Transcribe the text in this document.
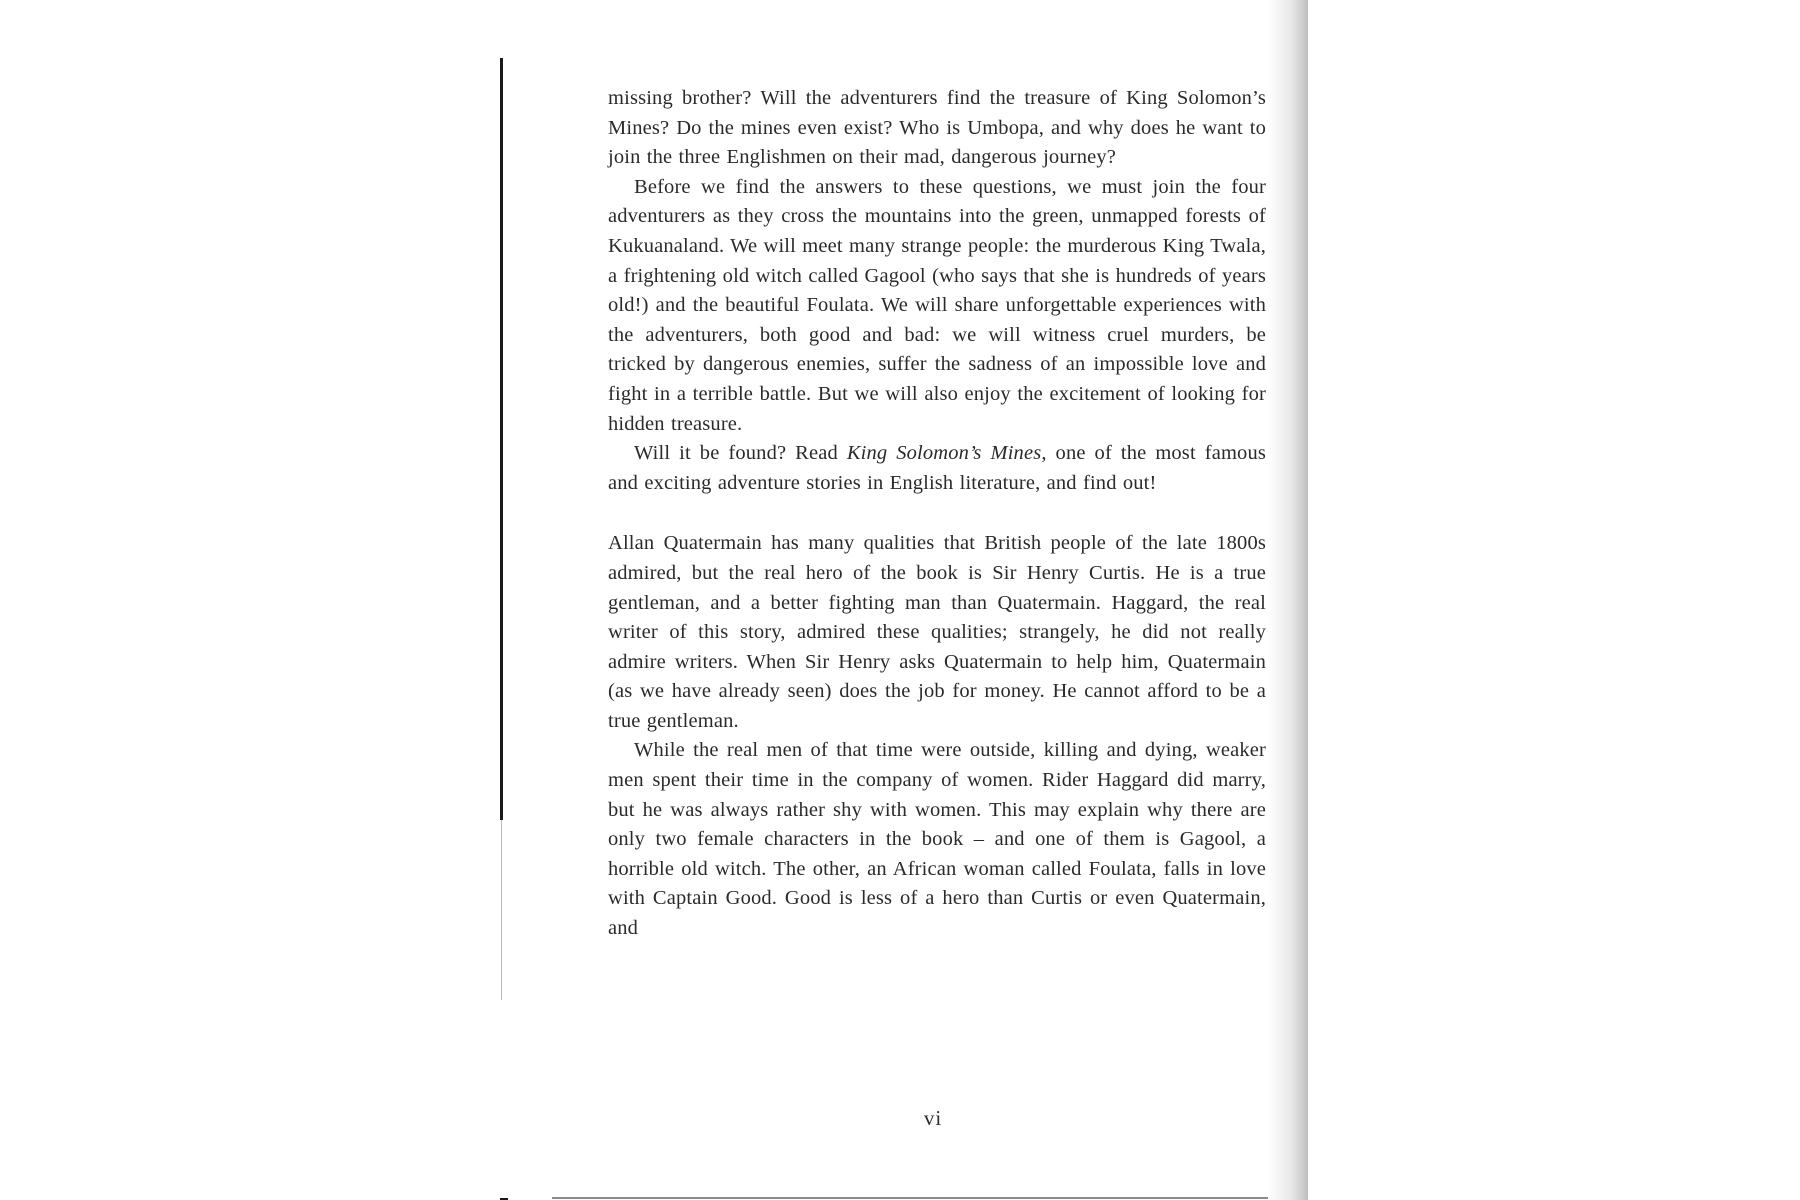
missing brother? Will the adventurers find the treasure of King Solomon’s Mines? Do the mines even exist? Who is Umbopa, and why does he want to join the three Englishmen on their mad, dangerous journey?

Before we find the answers to these questions, we must join the four adventurers as they cross the mountains into the green, unmapped forests of Kukuanaland. We will meet many strange people: the murderous King Twala, a frightening old witch called Gagool (who says that she is hundreds of years old!) and the beautiful Foulata. We will share unforgettable experiences with the adventurers, both good and bad: we will witness cruel murders, be tricked by dangerous enemies, suffer the sadness of an impossible love and fight in a terrible battle. But we will also enjoy the excitement of looking for hidden treasure.

Will it be found? Read King Solomon’s Mines, one of the most famous and exciting adventure stories in English literature, and find out!

Allan Quatermain has many qualities that British people of the late 1800s admired, but the real hero of the book is Sir Henry Curtis. He is a true gentleman, and a better fighting man than Quatermain. Haggard, the real writer of this story, admired these qualities; strangely, he did not really admire writers. When Sir Henry asks Quatermain to help him, Quatermain (as we have already seen) does the job for money. He cannot afford to be a true gentleman.

While the real men of that time were outside, killing and dying, weaker men spent their time in the company of women. Rider Haggard did marry, but he was always rather shy with women. This may explain why there are only two female characters in the book – and one of them is Gagool, a horrible old witch. The other, an African woman called Foulata, falls in love with Captain Good. Good is less of a hero than Curtis or even Quatermain, and

vi
